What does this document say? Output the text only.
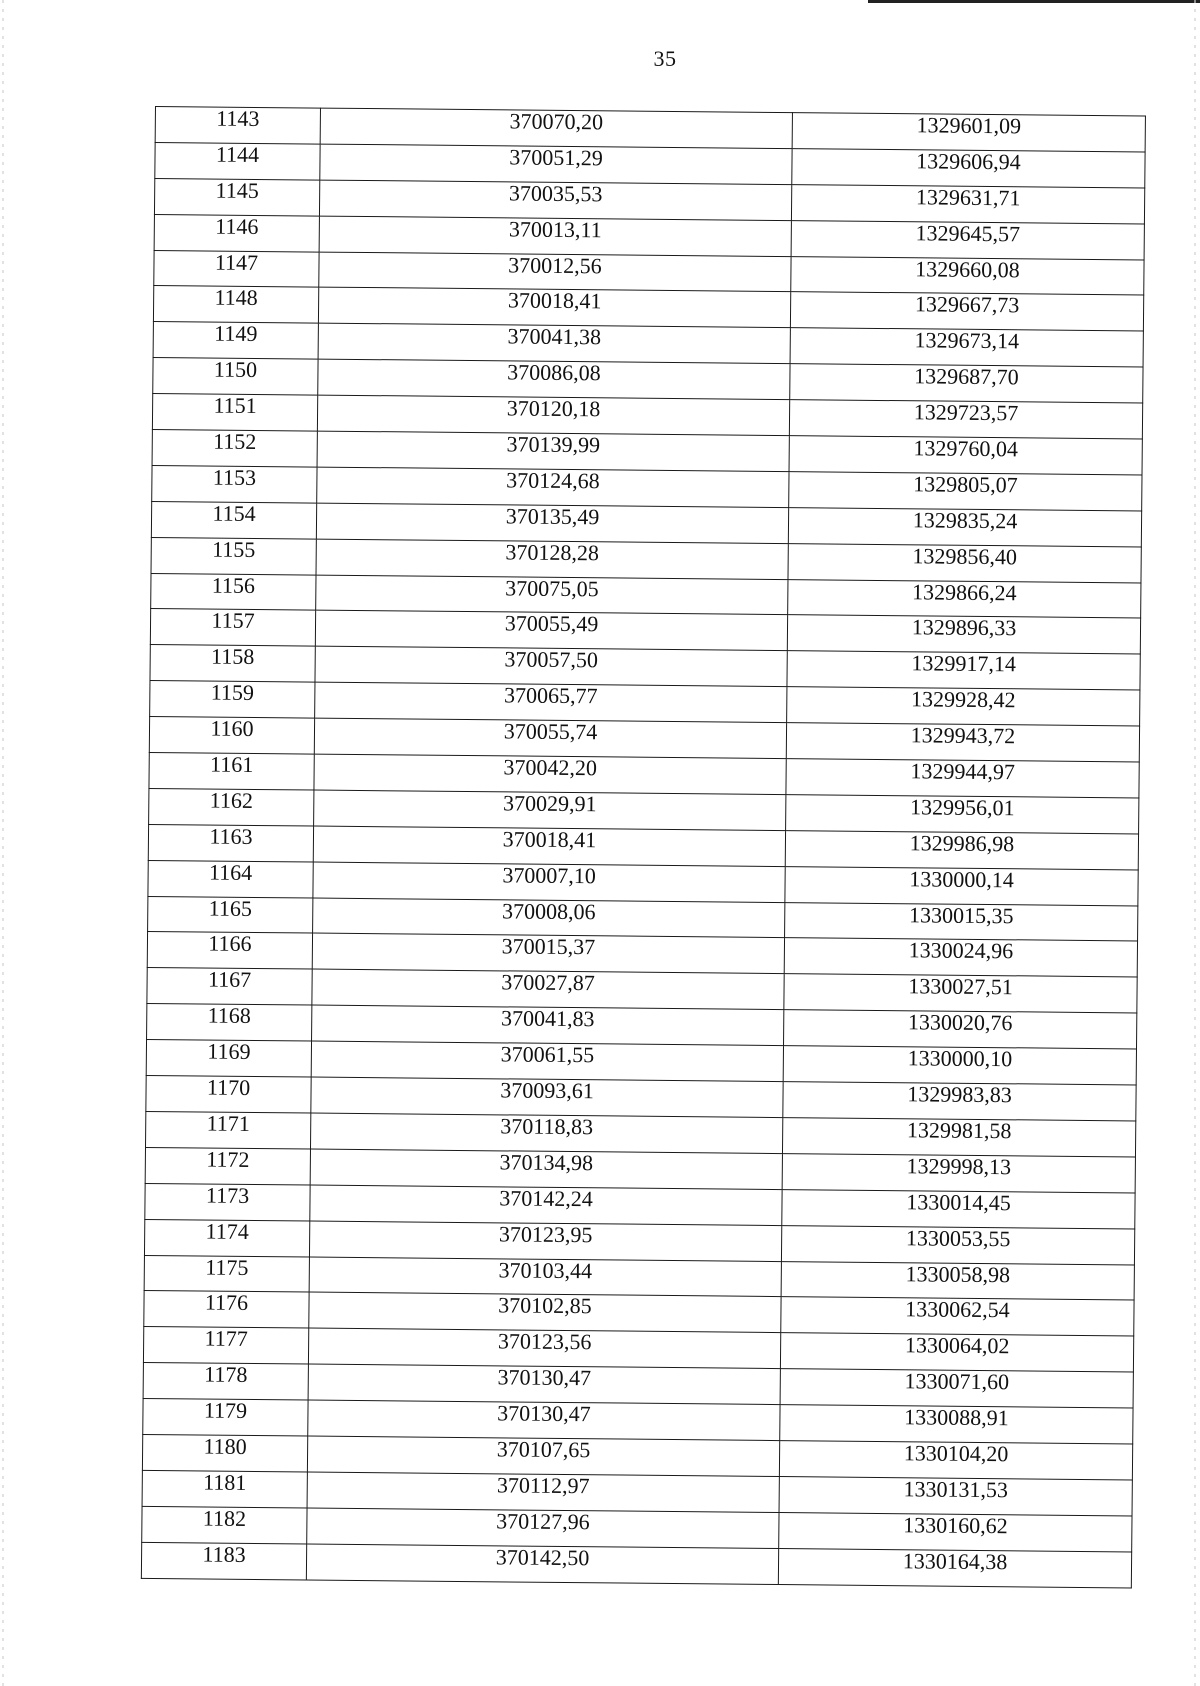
35
1143	370070,20	1329601,09
1144	370051,29	1329606,94
1145	370035,53	1329631,71
1146	370013,11	1329645,57
1147	370012,56	1329660,08
1148	370018,41	1329667,73
1149	370041,38	1329673,14
1150	370086,08	1329687,70
1151	370120,18	1329723,57
1152	370139,99	1329760,04
1153	370124,68	1329805,07
1154	370135,49	1329835,24
1155	370128,28	1329856,40
1156	370075,05	1329866,24
1157	370055,49	1329896,33
1158	370057,50	1329917,14
1159	370065,77	1329928,42
1160	370055,74	1329943,72
1161	370042,20	1329944,97
1162	370029,91	1329956,01
1163	370018,41	1329986,98
1164	370007,10	1330000,14
1165	370008,06	1330015,35
1166	370015,37	1330024,96
1167	370027,87	1330027,51
1168	370041,83	1330020,76
1169	370061,55	1330000,10
1170	370093,61	1329983,83
1171	370118,83	1329981,58
1172	370134,98	1329998,13
1173	370142,24	1330014,45
1174	370123,95	1330053,55
1175	370103,44	1330058,98
1176	370102,85	1330062,54
1177	370123,56	1330064,02
1178	370130,47	1330071,60
1179	370130,47	1330088,91
1180	370107,65	1330104,20
1181	370112,97	1330131,53
1182	370127,96	1330160,62
1183	370142,50	1330164,38
